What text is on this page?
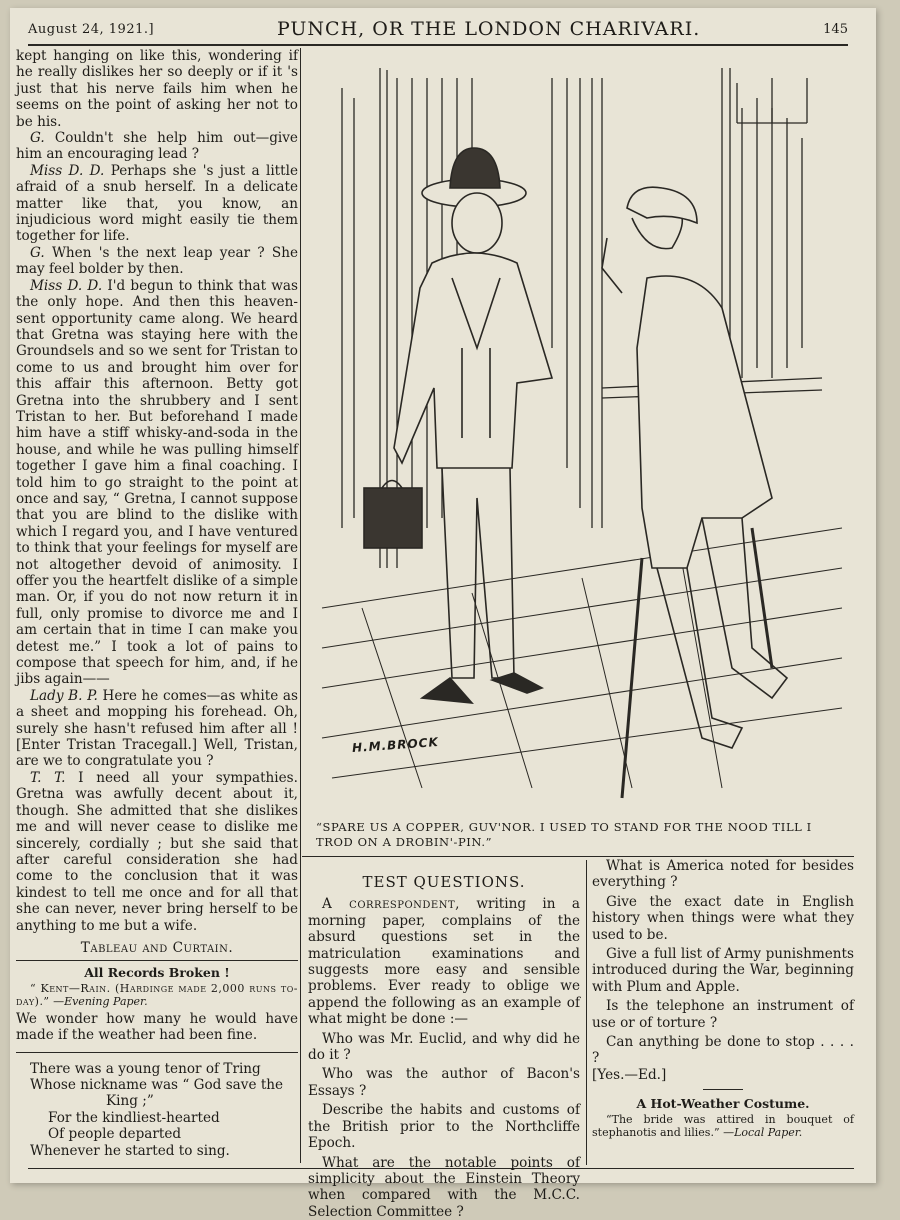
August 24, 1921.]	PUNCH, OR THE LONDON CHARIVARI.	145

kept hanging on like this, wondering if he really dislikes her so deeply or if it 's just that his nerve fails him when he seems on the point of asking her not to be his.

G. Couldn't she help him out—give him an encouraging lead ?

Miss D. D. Perhaps she 's just a little afraid of a snub herself. In a delicate matter like that, you know, an injudicious word might easily tie them together for life.

G. When 's the next leap year ? She may feel bolder by then.

Miss D. D. I'd begun to think that was the only hope. And then this heaven-sent opportunity came along. We heard that Gretna was staying here with the Groundsels and so we sent for Tristan to come to us and brought him over for this affair this afternoon. Betty got Gretna into the shrubbery and I sent Tristan to her. But beforehand I made him have a stiff whisky-and-soda in the house, and while he was pulling himself together I gave him a final coaching. I told him to go straight to the point at once and say, “ Gretna, I cannot suppose that you are blind to the dislike with which I regard you, and I have ventured to think that your feelings for myself are not altogether devoid of animosity. I offer you the heartfelt dislike of a simple man. Or, if you do not now return it in full, only promise to divorce me and I am certain that in time I can make you detest me.” I took a lot of pains to compose that speech for him, and, if he jibs again——

Lady B. P. Here he comes—as white as a sheet and mopping his forehead. Oh, surely she hasn't refused him after all ! [Enter Tristan Tracegall.] Well, Tristan, are we to congratulate you ?

T. T. I need all your sympathies. Gretna was awfully decent about it, though. She admitted that she dislikes me and will never cease to dislike me sincerely, cordially ; but she said that after careful consideration she had come to the conclusion that it was kindest to tell me once and for all that she can never, never bring herself to be anything to me but a wife.

Tableau and Curtain.

All Records Broken !

“ Kent—Rain. (Hardinge made 2,000 runs to-day).” —Evening Paper.

We wonder how many he would have made if the weather had been fine.

There was a young tenor of Tring
Whose nickname was “ God save the
King ;”
For the kindliest-hearted
Of people departed
Whenever he started to sing.
H.M.BROCK
“SPARE US A COPPER, GUV'NOR. I USED TO STAND FOR THE NOOD TILL I TROD ON A DROBIN'-PIN.”
TEST QUESTIONS.

A correspondent, writing in a morning paper, complains of the absurd questions set in the matriculation examinations and suggests more easy and sensible problems. Ever ready to oblige we append the following as an example of what might be done :—

Who was Mr. Euclid, and why did he do it ?

Who was the author of Bacon's Essays ?

Describe the habits and customs of the British prior to the Northcliffe Epoch.

What are the notable points of simplicity about the Einstein Theory when compared with the M.C.C. Selection Committee ?

What is America noted for besides everything ?

Give the exact date in English history when things were what they used to be.

Give a full list of Army punishments introduced during the War, beginning with Plum and Apple.

Is the telephone an instrument of use or of torture ?

Can anything be done to stop . . . . ?

[Yes.—Ed.]

A Hot-Weather Costume.

“The bride was attired in bouquet of stephanotis and lilies.” —Local Paper.
